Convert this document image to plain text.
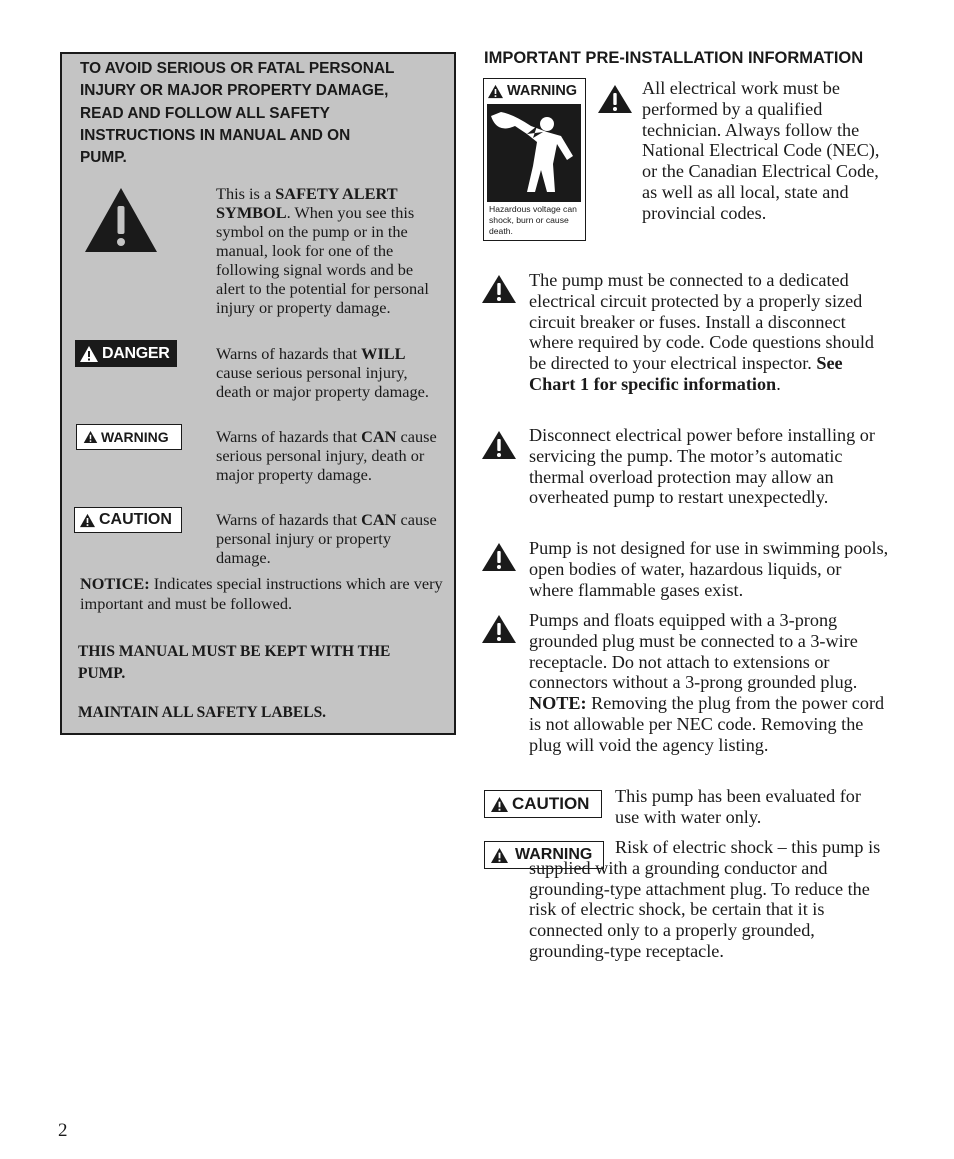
TO AVOID SERIOUS OR FATAL PERSONAL INJURY OR MAJOR PROPERTY DAMAGE, READ AND FOLLOW ALL SAFETY INSTRUCTIONS IN MANUAL AND ON PUMP.
This is a SAFETY ALERT SYMBOL. When you see this symbol on the pump or in the manual, look for one of the following signal words and be alert to the potential for personal injury or property damage.
DANGER	Warns of hazards that WILL cause serious personal injury, death or major property damage.
WARNING	Warns of hazards that CAN cause serious personal injury, death or major property damage.
CAUTION	Warns of hazards that CAN cause personal injury or property damage.
NOTICE: Indicates special instructions which are very important and must be followed.
THIS MANUAL MUST BE KEPT WITH THE PUMP.
MAINTAIN ALL SAFETY LABELS.
IMPORTANT PRE-INSTALLATION INFORMATION
WARNING
Hazardous voltage can shock, burn or cause death.
All electrical work must be performed by a qualified technician. Always follow the National Electrical Code (NEC), or the Canadian Electrical Code, as well as all local, state and provincial codes.
The pump must be connected to a dedicated electrical circuit protected by a properly sized circuit breaker or fuses. Install a disconnect where required by code. Code questions should be directed to your electrical inspector. See Chart 1 for specific information.
Disconnect electrical power before installing or servicing the pump. The motor’s automatic thermal overload protection may allow an overheated pump to restart unexpectedly.
Pump is not designed for use in swimming pools, open bodies of water, hazardous liquids, or where flammable gases exist.
Pumps and floats equipped with a 3-prong grounded plug must be connected to a 3-wire receptacle. Do not attach to extensions or connectors without a 3-prong grounded plug. NOTE: Removing the plug from the power cord is not allowable per NEC code. Removing the plug will void the agency listing.
CAUTION This pump has been evaluated for use with water only.
WARNING	Risk of electric shock – this pump is supplied with a grounding conductor and grounding-type attachment plug. To reduce the risk of electric shock, be certain that it is connected only to a properly grounded, grounding-type receptacle.
2
